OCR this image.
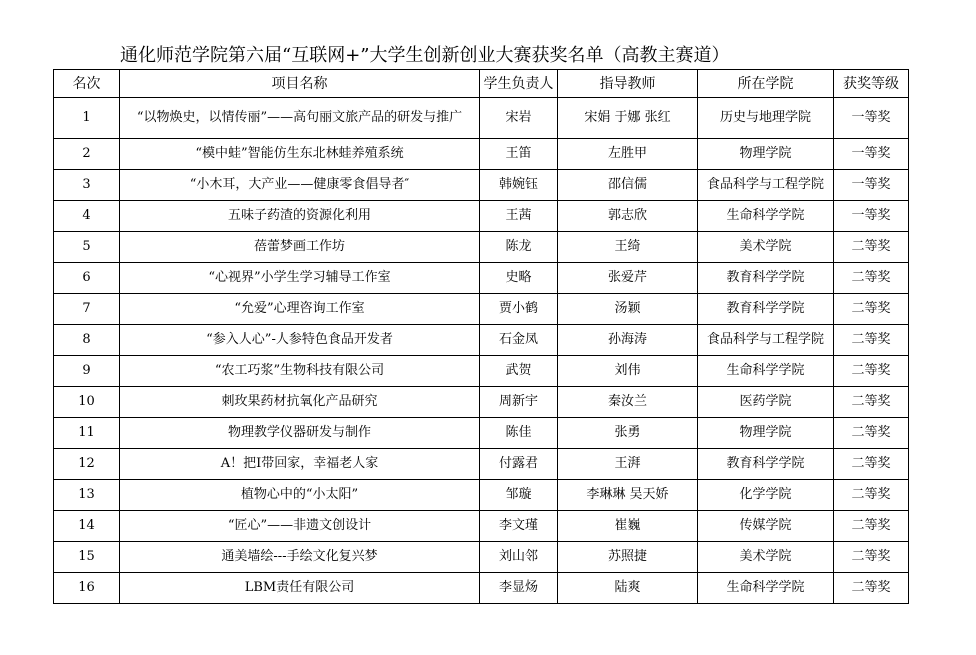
通化师范学院第六届“互联网+”大学生创新创业大赛获奖名单（高教主赛道）
名次	项目名称	学生负责人	指导教师	所在学院	获奖等级
1	“以物焕史，以情传丽”——高句丽文旅产品的研发与推广	宋岩	宋娟 于娜 张红	历史与地理学院	一等奖
2	“模中蛙”智能仿生东北林蛙养殖系统	王笛	左胜甲	物理学院	一等奖
3	“小木耳，大产业——健康零食倡导者″	韩婉钰	邵信儒	食品科学与工程学院	一等奖
4	五味子药渣的资源化利用	王茜	郭志欣	生命科学学院	一等奖
5	蓓蕾梦画工作坊	陈龙	王绮	美术学院	二等奖
6	“心视界”小学生学习辅导工作室	史略	张爱芹	教育科学学院	二等奖
7	“允爱”心理咨询工作室	贾小鹤	汤颖	教育科学学院	二等奖
8	“参入人心”-人参特色食品开发者	石金凤	孙海涛	食品科学与工程学院	二等奖
9	“农工巧浆”生物科技有限公司	武贺	刘伟	生命科学学院	二等奖
10	刺玫果药材抗氧化产品研究	周新宇	秦汝兰	医药学院	二等奖
11	物理教学仪器研发与制作	陈佳	张勇	物理学院	二等奖
12	A！把I带回家，幸福老人家	付露君	王湃	教育科学学院	二等奖
13	植物心中的“小太阳”	邹璇	李琳琳 吴天娇	化学学院	二等奖
14	“匠心”——非遗文创设计	李文瑾	崔巍	传媒学院	二等奖
15	通美墙绘---手绘文化复兴梦	刘山邻	苏照捷	美术学院	二等奖
16	LBM责任有限公司	李显炀	陆爽	生命科学学院	二等奖
